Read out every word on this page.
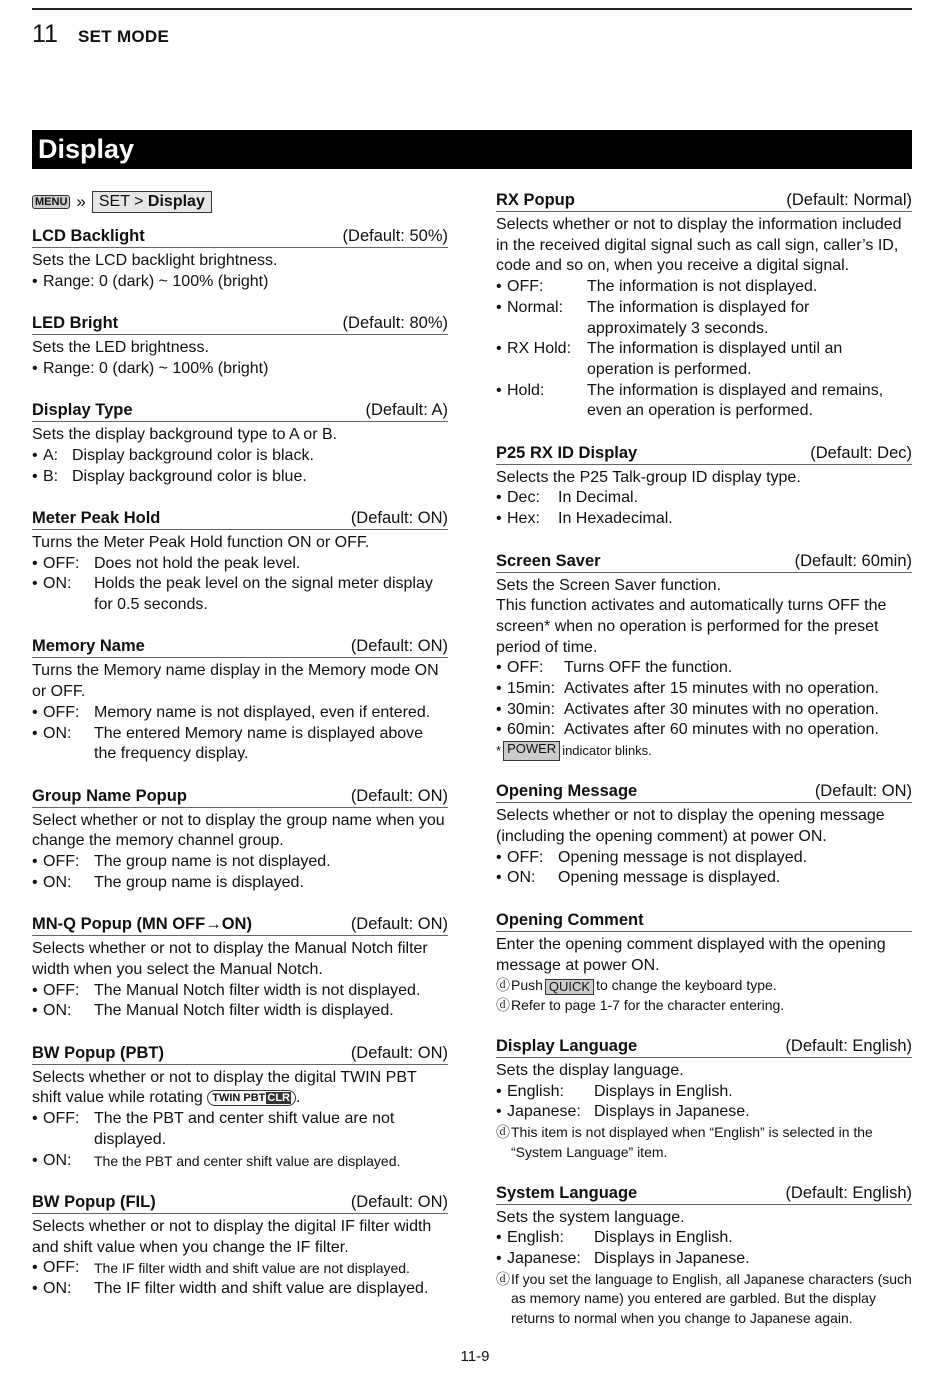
11 SET MODE
Display
MENU » SET > Display
LCD Backlight	(Default: 50%)

Sets the LCD backlight brightness.

• Range: 0 (dark) ~ 100% (bright)
LED Bright	(Default: 80%)

Sets the LED brightness.

• Range: 0 (dark) ~ 100% (bright)
Display Type	(Default: A)

Sets the display background type to A or B.

• A: Display background color is black.
• B: Display background color is blue.
Meter Peak Hold	(Default: ON)

Turns the Meter Peak Hold function ON or OFF.

• OFF: Does not hold the peak level.
• ON:	Holds the peak level on the signal meter display for 0.5 seconds.
Memory Name	(Default: ON)

Turns the Memory name display in the Memory mode ON or OFF.

• OFF: Memory name is not displayed, even if entered.
• ON:	The entered Memory name is displayed above the frequency display.
Group Name Popup	(Default: ON)

Select whether or not to display the group name when you change the memory channel group.

• OFF: The group name is not displayed.
• ON:	The group name is displayed.
MN-Q Popup (MN OFF→ON)	(Default: ON)

Selects whether or not to display the Manual Notch filter width when you select the Manual Notch.

• OFF: The Manual Notch filter width is not displayed.
• ON:	The Manual Notch filter width is displayed.
BW Popup (PBT)	(Default: ON)

Selects whether or not to display the digital TWIN PBT shift value while rotating TWIN PBT CLR .

• OFF: The the PBT and center shift value are not displayed.
• ON:	The the PBT and center shift value are displayed.
BW Popup (FIL)	(Default: ON)

Selects whether or not to display the digital IF filter width and shift value when you change the IF filter.

• OFF:	The IF filter width and shift value are not displayed.
• ON:	The IF filter width and shift value are displayed.
RX Popup	(Default: Normal)

Selects whether or not to display the information included in the received digital signal such as call sign, caller’s ID, code and so on, when you receive a digital signal.

• OFF:	The information is not displayed.
• Normal:	The information is displayed for approximately 3 seconds.
• RX Hold: The information is displayed until an operation is performed.
• Hold:	The information is displayed and remains, even an operation is performed.
P25 RX ID Display	(Default: Dec)

Selects the P25 Talk-group ID display type.

• Dec:	In Decimal.
• Hex:	In Hexadecimal.
Screen Saver	(Default: 60min)

Sets the Screen Saver function.

This function activates and automatically turns OFF the screen* when no operation is performed for the preset period of time.

• OFF:	Turns OFF the function.
• 15min: Activates after 15 minutes with no operation.
• 30min: Activates after 30 minutes with no operation.
• 60min: Activates after 60 minutes with no operation.
* POWER indicator blinks.
Opening Message	(Default: ON)

Selects whether or not to display the opening message (including the opening comment) at power ON.

• OFF: Opening message is not displayed.
• ON:	Opening message is displayed.
Opening Comment

Enter the opening comment displayed with the opening message at power ON.

ⓓ Push QUICK to change the keyboard type.
ⓓ Refer to page 1-7 for the character entering.
Display Language	(Default: English)

Sets the display language.

• English:	Displays in English.
• Japanese: Displays in Japanese.
ⓓ This item is not displayed when “English” is selected in the “System Language” item.
System Language	(Default: English)

Sets the system language.

• English:	Displays in English.
• Japanese: Displays in Japanese.
ⓓ If you set the language to English, all Japanese characters (such as memory name) you entered are garbled. But the display returns to normal when you change to Japanese again.
11-9
